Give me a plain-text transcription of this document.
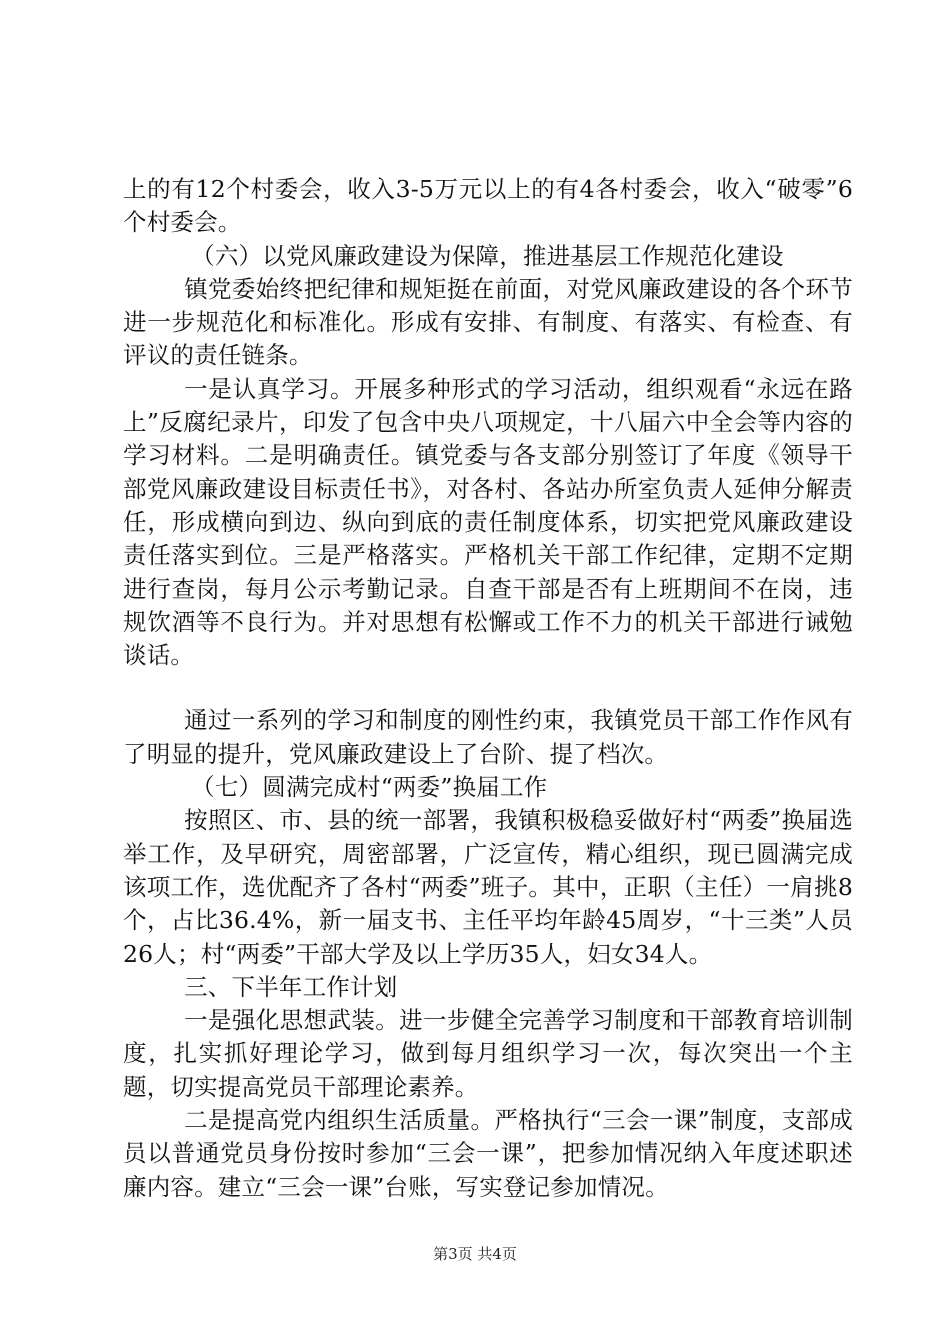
上的有12个村委会，收入3-5万元以上的有4各村委会，收入“破零”6个村委会。

（六）以党风廉政建设为保障，推进基层工作规范化建设

镇党委始终把纪律和规矩挺在前面，对党风廉政建设的各个环节进一步规范化和标准化。形成有安排、有制度、有落实、有检查、有评议的责任链条。

一是认真学习。开展多种形式的学习活动，组织观看“永远在路上”反腐纪录片，印发了包含中央八项规定，十八届六中全会等内容的学习材料。二是明确责任。镇党委与各支部分别签订了年度《领导干部党风廉政建设目标责任书》，对各村、各站办所室负责人延伸分解责任，形成横向到边、纵向到底的责任制度体系，切实把党风廉政建设责任落实到位。三是严格落实。严格机关干部工作纪律，定期不定期进行查岗，每月公示考勤记录。自查干部是否有上班期间不在岗，违规饮酒等不良行为。并对思想有松懈或工作不力的机关干部进行诫勉谈话。

通过一系列的学习和制度的刚性约束，我镇党员干部工作作风有了明显的提升，党风廉政建设上了台阶、提了档次。

（七）圆满完成村“两委”换届工作

按照区、市、县的统一部署，我镇积极稳妥做好村“两委”换届选举工作，及早研究，周密部署，广泛宣传，精心组织，现已圆满完成该项工作，选优配齐了各村“两委”班子。其中，正职（主任）一肩挑8个，占比36.4%，新一届支书、主任平均年龄45周岁，“十三类”人员26人；村“两委”干部大学及以上学历35人，妇女34人。

三、下半年工作计划

一是强化思想武装。进一步健全完善学习制度和干部教育培训制度，扎实抓好理论学习，做到每月组织学习一次，每次突出一个主题，切实提高党员干部理论素养。

二是提高党内组织生活质量。严格执行“三会一课”制度，支部成员以普通党员身份按时参加“三会一课”，把参加情况纳入年度述职述廉内容。建立“三会一课”台账，写实登记参加情况。

第3页 共4页
